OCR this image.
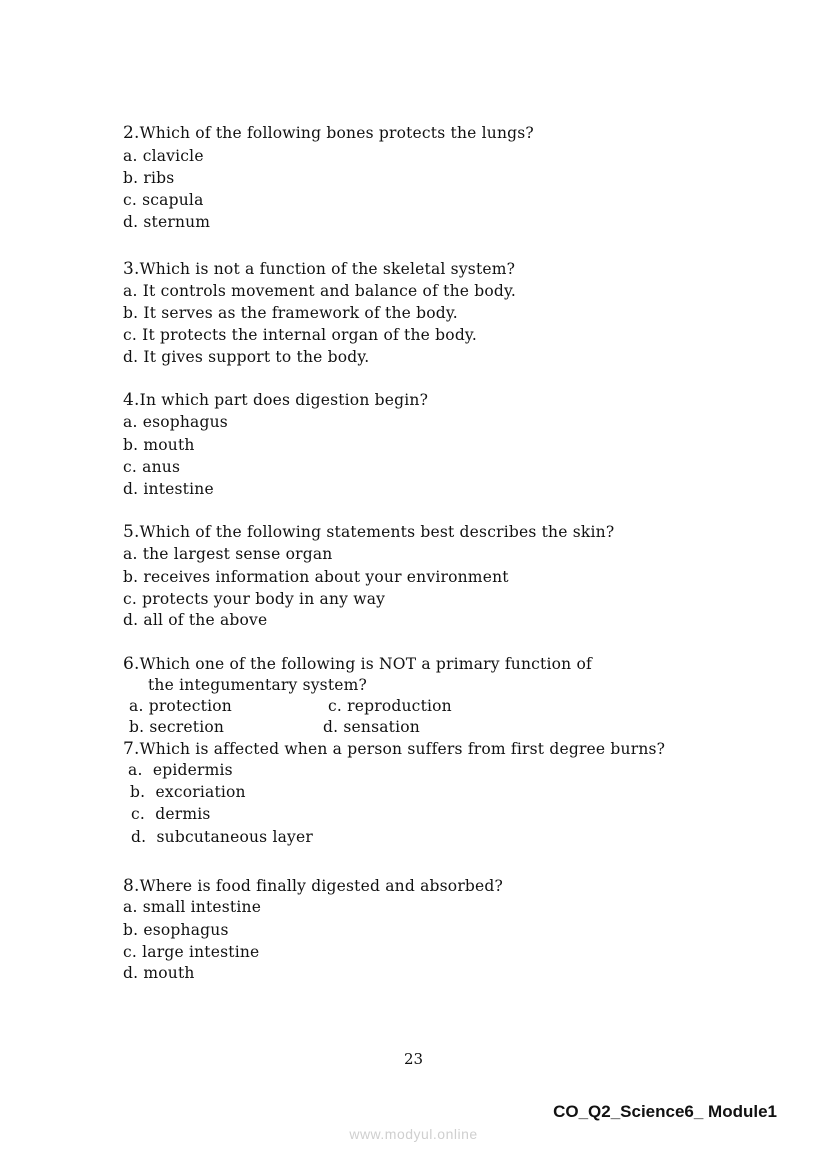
2.Which of the following bones protects the lungs?
a. clavicle
b. ribs
c. scapula
d. sternum
3.Which is not a function of the skeletal system?
a. It controls movement and balance of the body.
b. It serves as the framework of the body.
c. It protects the internal organ of the body.
d. It gives support to the body.
4.In which part does digestion begin?
a. esophagus
b. mouth
c. anus
d. intestine
5.Which of the following statements best describes the skin?
a. the largest sense organ
b. receives information about your environment
c. protects your body in any way
d. all of the above
6.Which one of the following is NOT a primary function of
the integumentary system?
a. protection	c. reproduction
b. secretion	d. sensation
7.Which is affected when a person suffers from first degree burns?
a.  epidermis
b.  excoriation
c.  dermis
d.  subcutaneous layer
8.Where is food finally digested and absorbed?
a. small intestine
b. esophagus
c. large intestine
d. mouth
23
CO_Q2_Science6_ Module1
www.modyul.online
